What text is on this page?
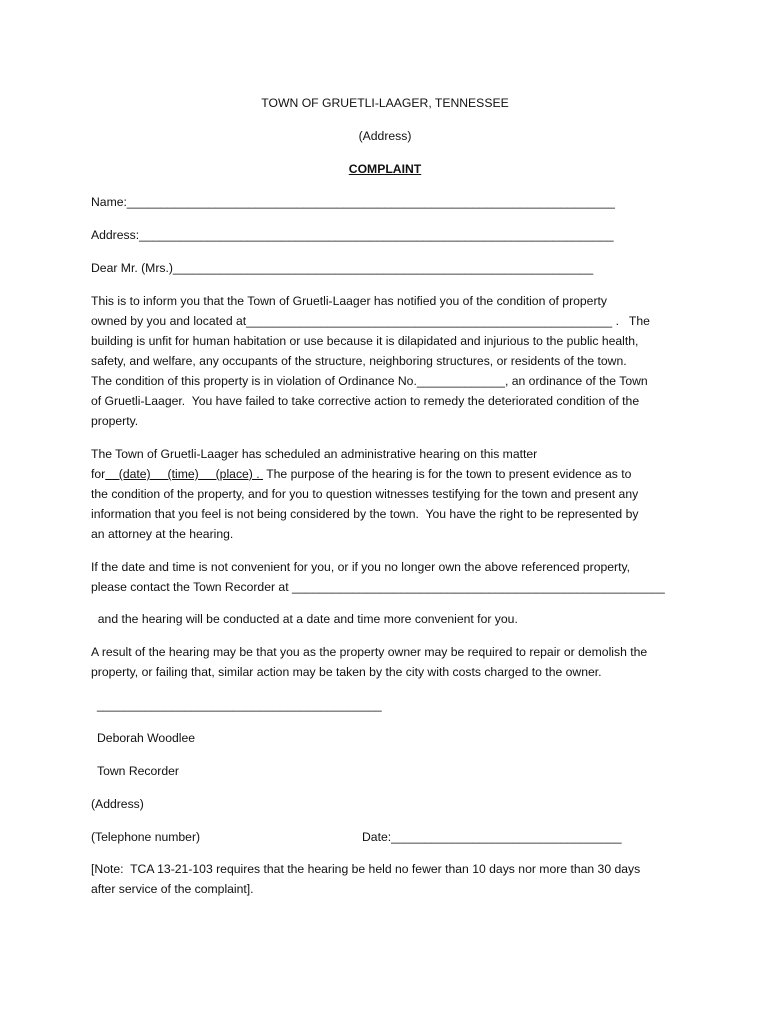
TOWN OF GRUETLI-LAAGER, TENNESSEE
(Address)
COMPLAINT
Name:________________________________________________________________________
Address:______________________________________________________________________
Dear Mr. (Mrs.)______________________________________________________________
This is to inform you that the Town of Gruetli-Laager has notified you of the condition of property
owned by you and located at______________________________________________________ .   The
building is unfit for human habitation or use because it is dilapidated and injurious to the public health,
safety, and welfare, any occupants of the structure, neighboring structures, or residents of the town.
The condition of this property is in violation of Ordinance No._____________, an ordinance of the Town
of Gruetli-Laager.  You have failed to take corrective action to remedy the deteriorated condition of the
property.
The Town of Gruetli-Laager has scheduled an administrative hearing on this matter
for    (date)     (time)     (place) .  The purpose of the hearing is for the town to present evidence as to
the condition of the property, and for you to question witnesses testifying for the town and present any
information that you feel is not being considered by the town.  You have the right to be represented by
an attorney at the hearing.
If the date and time is not convenient for you, or if you no longer own the above referenced property,
please contact the Town Recorder at _______________________________________________________
and the hearing will be conducted at a date and time more convenient for you.
A result of the hearing may be that you as the property owner may be required to repair or demolish the
property, or failing that, similar action may be taken by the city with costs charged to the owner.
__________________________________________
Deborah Woodlee
Town Recorder
(Address)
(Telephone number)	Date:__________________________________
[Note:  TCA 13-21-103 requires that the hearing be held no fewer than 10 days nor more than 30 days
after service of the complaint].
